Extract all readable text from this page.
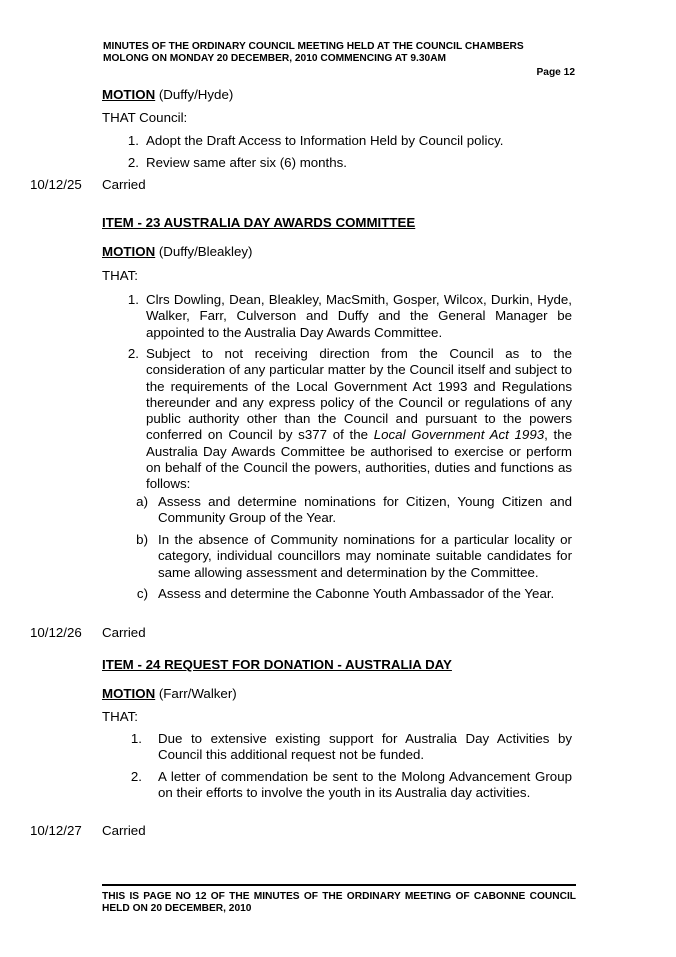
MINUTES OF THE ORDINARY COUNCIL MEETING HELD AT THE COUNCIL CHAMBERS
MOLONG ON MONDAY 20 DECEMBER, 2010 COMMENCING AT 9.30AM
Page 12
MOTION (Duffy/Hyde)
THAT Council:
1. Adopt the Draft Access to Information Held by Council policy.
2. Review same after six (6) months.
10/12/25 Carried
ITEM - 23 AUSTRALIA DAY AWARDS COMMITTEE
MOTION (Duffy/Bleakley)
THAT:
1. Clrs Dowling, Dean, Bleakley, MacSmith, Gosper, Wilcox, Durkin, Hyde, Walker, Farr, Culverson and Duffy and the General Manager be appointed to the Australia Day Awards Committee.
2. Subject to not receiving direction from the Council as to the consideration of any particular matter by the Council itself and subject to the requirements of the Local Government Act 1993 and Regulations thereunder and any express policy of the Council or regulations of any public authority other than the Council and pursuant to the powers conferred on Council by s377 of the Local Government Act 1993, the Australia Day Awards Committee be authorised to exercise or perform on behalf of the Council the powers, authorities, duties and functions as follows:
a) Assess and determine nominations for Citizen, Young Citizen and Community Group of the Year.
b) In the absence of Community nominations for a particular locality or category, individual councillors may nominate suitable candidates for same allowing assessment and determination by the Committee.
c) Assess and determine the Cabonne Youth Ambassador of the Year.
10/12/26 Carried
ITEM - 24 REQUEST FOR DONATION - AUSTRALIA DAY
MOTION (Farr/Walker)
THAT:
1. Due to extensive existing support for Australia Day Activities by Council this additional request not be funded.
2. A letter of commendation be sent to the Molong Advancement Group on their efforts to involve the youth in its Australia day activities.
10/12/27 Carried
THIS IS PAGE NO 12 OF THE MINUTES OF THE ORDINARY MEETING OF CABONNE COUNCIL HELD ON 20 DECEMBER, 2010
